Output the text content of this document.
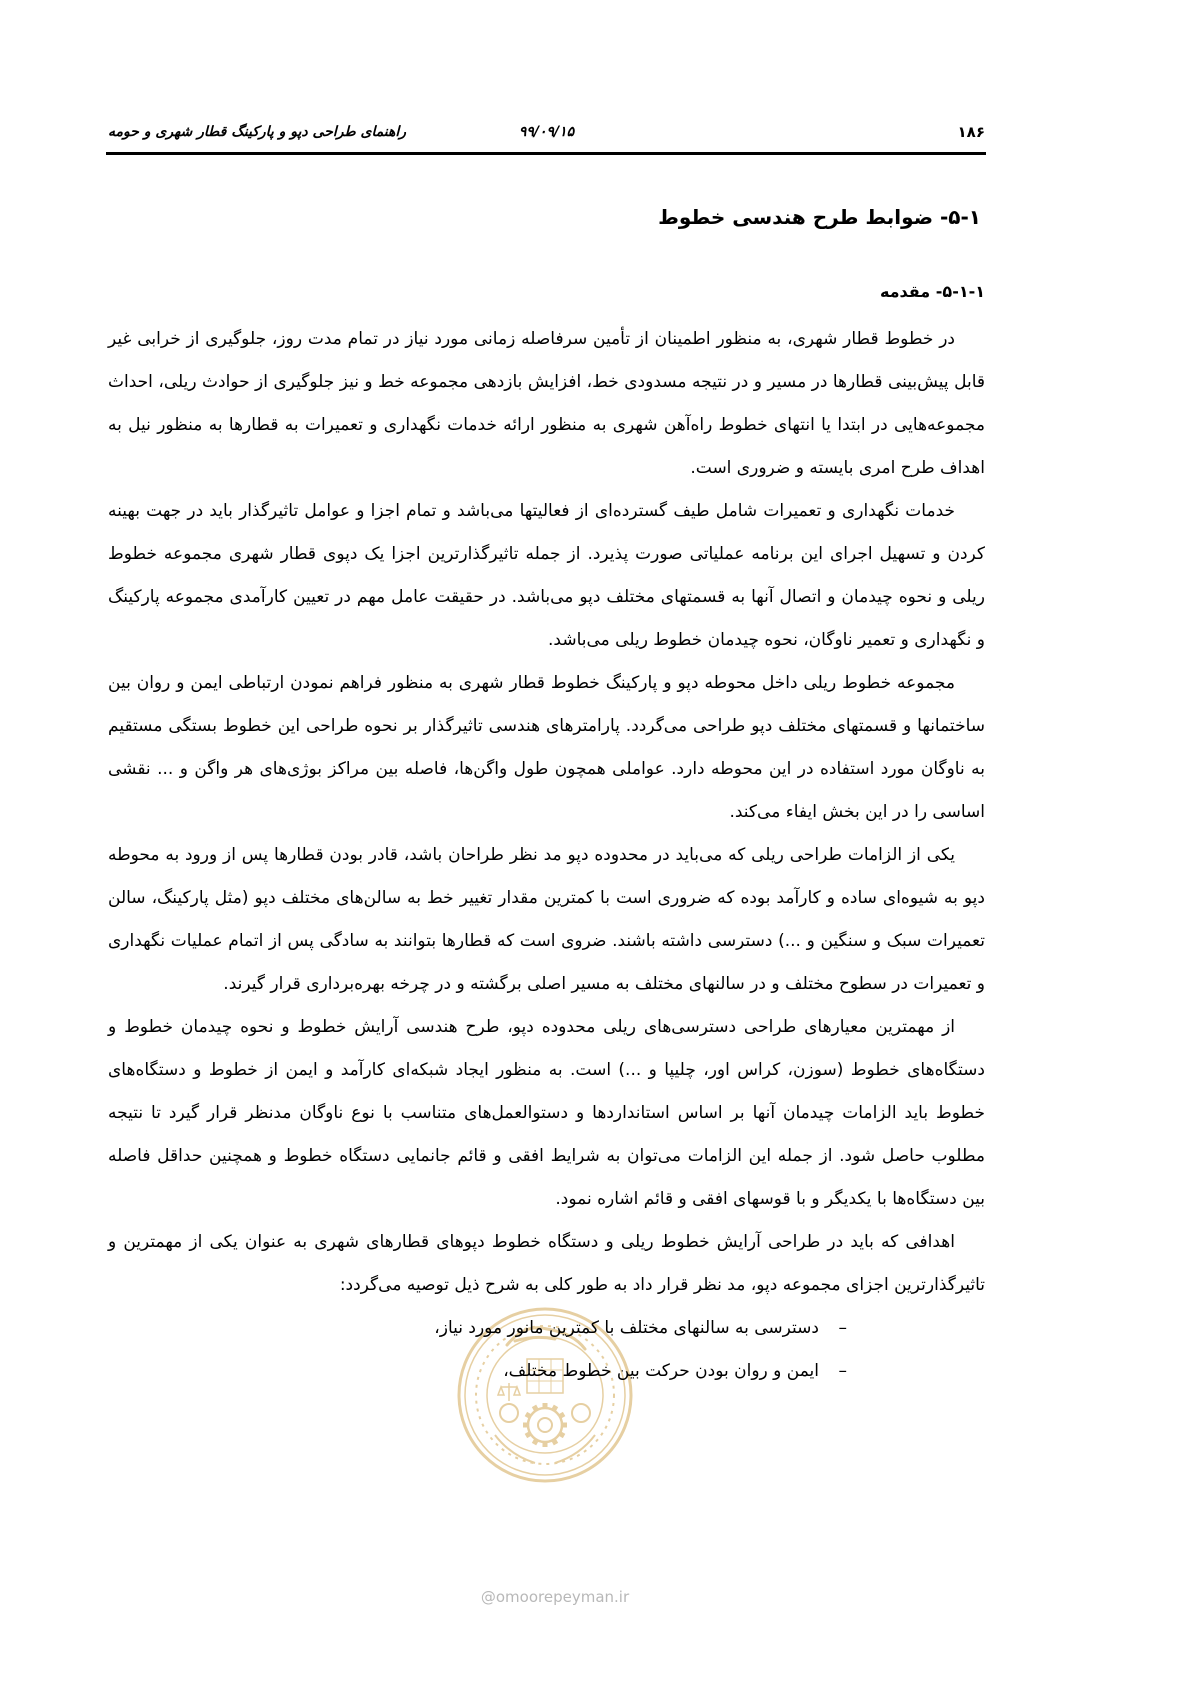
۱۸۶
۹۹/۰۹/۱۵
راهنمای طراحی دپو و پارکینگ قطار شهری و حومه
۵-۱- ضوابط طرح هندسی خطوط
۵-۱-۱- مقدمه

در خطوط قطار شهری، به منظور اطمینان از تأمین سرفاصله زمانی مورد نیاز در تمام مدت روز، جلوگیری از خرابی غیر قابل پیش‌بینی قطارها در مسیر و در نتیجه مسدودی خط، افزایش بازدهی مجموعه خط و نیز جلوگیری از حوادث ریلی، احداث مجموعه‌هایی در ابتدا یا انتهای خطوط راه‌آهن شهری به منظور ارائه خدمات نگهداری و تعمیرات به قطارها به منظور نیل به اهداف طرح امری بایسته و ضروری است.

خدمات نگهداری و تعمیرات شامل طیف گسترده‌ای از فعالیتها می‌باشد و تمام اجزا و عوامل تاثیرگذار باید در جهت بهینه کردن و تسهیل اجرای این برنامه عملیاتی صورت پذیرد. از جمله تاثیرگذارترین اجزا یک دپوی قطار شهری مجموعه خطوط ریلی و نحوه چیدمان و اتصال آنها به قسمتهای مختلف دپو می‌باشد. در حقیقت عامل مهم در تعیین کارآمدی مجموعه پارکینگ و نگهداری و تعمیر ناوگان، نحوه چیدمان خطوط ریلی می‌باشد.

مجموعه خطوط ریلی داخل محوطه دپو و پارکینگ خطوط قطار شهری به منظور فراهم نمودن ارتباطی ایمن و روان بین ساختمانها و قسمتهای مختلف دپو طراحی می‌گردد. پارامترهای هندسی تاثیرگذار بر نحوه طراحی این خطوط بستگی مستقیم به ناوگان مورد استفاده در این محوطه دارد. عواملی همچون طول واگن‌ها، فاصله بین مراکز بوژی‌های هر واگن و ... نقشی اساسی را در این بخش ایفاء می‌کند.

یکی از الزامات طراحی ریلی که می‌باید در محدوده دپو مد نظر طراحان باشد، قادر بودن قطارها پس از ورود به محوطه دپو به شیوه‌ای ساده و کارآمد بوده که ضروری است با کمترین مقدار تغییر خط به سالن‌های مختلف دپو (مثل پارکینگ، سالن تعمیرات سبک و سنگین و ...) دسترسی داشته باشند. ضروی است که قطارها بتوانند به سادگی پس از اتمام عملیات نگهداری و تعمیرات در سطوح مختلف و در سالنهای مختلف به مسیر اصلی برگشته و در چرخه بهره‌برداری قرار گیرند.

از مهمترین معیارهای طراحی دسترسی‌های ریلی محدوده دپو، طرح هندسی آرایش خطوط و نحوه چیدمان خطوط و دستگاه‌های خطوط (سوزن، کراس اور، چلیپا و ...) است. به منظور ایجاد شبکه‌ای کارآمد و ایمن از خطوط و دستگاه‌های خطوط باید الزامات چیدمان آنها بر اساس استانداردها و دستوالعمل‌های متناسب با نوع ناوگان مدنظر قرار گیرد تا نتیجه مطلوب حاصل شود. از جمله این الزامات می‌توان به شرایط افقی و قائم جانمایی دستگاه خطوط و همچنین حداقل فاصله بین دستگاه‌ها با یکدیگر و با قوسهای افقی و قائم اشاره نمود.

اهدافی که باید در طراحی آرایش خطوط ریلی و دستگاه خطوط دپوهای قطارهای شهری به عنوان یکی از مهمترین و تاثیرگذارترین اجزای مجموعه دپو، مد نظر قرار داد به طور کلی به شرح ذیل توصیه می‌گردد:

–
دسترسی به سالنهای مختلف با کمترین مانور مورد نیاز،
–
ایمن و روان بودن حرکت بین خطوط مختلف،
@omoorepeyman.ir
